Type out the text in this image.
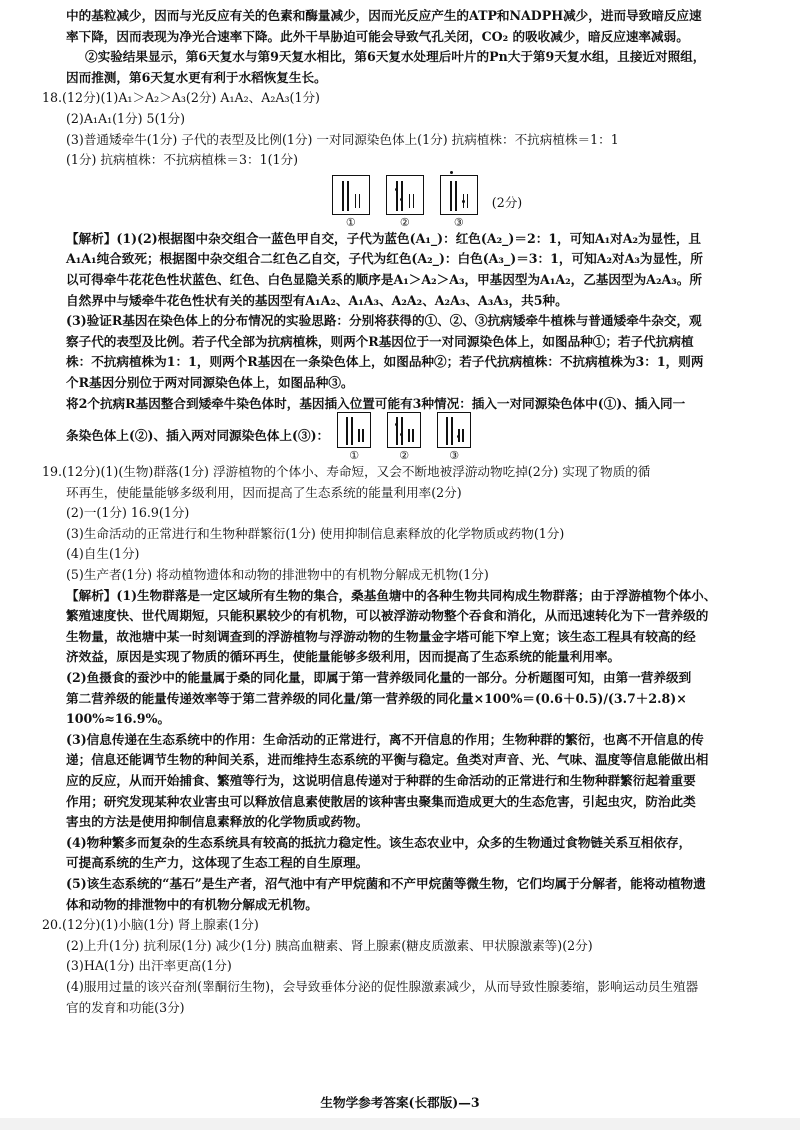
中的基粒减少，因而与光反应有关的色素和酶量减少，因而光反应产生的ATP和NADPH减少，进而导致暗反应速

率下降，因而表现为净光合速率下降。此外干旱胁迫可能会导致气孔关闭，CO₂ 的吸收减少，暗反应速率减弱。

②实验结果显示，第6天复水与第9天复水相比，第6天复水处理后叶片的Pn大于第9天复水组，且接近对照组，

因而推测，第6天复水更有利于水稻恢复生长。

18.(12分)(1)A₁＞A₂＞A₃(2分) A₁A₂、A₂A₃(1分)

(2)A₁A₁(1分) 5(1分)

(3)普通矮牵牛(1分) 子代的表型及比例(1分) 一对同源染色体上(1分) 抗病植株：不抗病植株＝1：1

(1分) 抗病植株：不抗病植株＝3：1(1分)

①	②	③
(2分)

【解析】(1)(2)根据图中杂交组合一蓝色甲自交，子代为蓝色(A₁_)：红色(A₂_)＝2：1，可知A₁对A₂为显性，且

A₁A₁纯合致死；根据图中杂交组合二红色乙自交，子代为红色(A₂_)：白色(A₃_)＝3：1，可知A₂对A₃为显性，所

以可得牵牛花花色性状蓝色、红色、白色显隐关系的顺序是A₁＞A₂＞A₃，甲基因型为A₁A₂，乙基因型为A₂A₃。所

自然界中与矮牵牛花色性状有关的基因型有A₁A₂、A₁A₃、A₂A₂、A₂A₃、A₃A₃，共5种。

(3)验证R基因在染色体上的分布情况的实验思路：分别将获得的①、②、③抗病矮牵牛植株与普通矮牵牛杂交，观

察子代的表型及比例。若子代全部为抗病植株，则两个R基因位于一对同源染色体上，如图品种①；若子代抗病植

株：不抗病植株为1：1，则两个R基因在一条染色体上，如图品种②；若子代抗病植株：不抗病植株为3：1，则两

个R基因分别位于两对同源染色体上，如图品种③。

将2个抗病R基因整合到矮牵牛染色体时，基因插入位置可能有3种情况：插入一对同源染色体中(①)、插入同一

条染色体上(②)、插入两对同源染色体上(③)：

①	②	③

19.(12分)(1)(生物)群落(1分) 浮游植物的个体小、寿命短，又会不断地被浮游动物吃掉(2分) 实现了物质的循

环再生，使能量能够多级利用，因而提高了生态系统的能量利用率(2分)

(2)一(1分) 16.9(1分)

(3)生命活动的正常进行和生物种群繁衍(1分) 使用抑制信息素释放的化学物质或药物(1分)

(4)自生(1分)

(5)生产者(1分) 将动植物遗体和动物的排泄物中的有机物分解成无机物(1分)

【解析】(1)生物群落是一定区域所有生物的集合，桑基鱼塘中的各种生物共同构成生物群落；由于浮游植物个体小、

繁殖速度快、世代周期短，只能积累较少的有机物，可以被浮游动物整个吞食和消化，从而迅速转化为下一营养级的

生物量，故池塘中某一时刻调查到的浮游植物与浮游动物的生物量金字塔可能下窄上宽；该生态工程具有较高的经

济效益，原因是实现了物质的循环再生，使能量能够多级利用，因而提高了生态系统的能量利用率。

(2)鱼摄食的蚕沙中的能量属于桑的同化量，即属于第一营养级同化量的一部分。分析题图可知，由第一营养级到

第二营养级的能量传递效率等于第二营养级的同化量/第一营养级的同化量×100%＝(0.6＋0.5)/(3.7＋2.8)×

100%≈16.9%。

(3)信息传递在生态系统中的作用：生命活动的正常进行，离不开信息的作用；生物种群的繁衍，也离不开信息的传

递；信息还能调节生物的种间关系，进而维持生态系统的平衡与稳定。鱼类对声音、光、气味、温度等信息能做出相

应的反应，从而开始捕食、繁殖等行为，这说明信息传递对于种群的生命活动的正常进行和生物种群繁衍起着重要

作用；研究发现某种农业害虫可以释放信息素使散居的该种害虫聚集而造成更大的生态危害，引起虫灾，防治此类

害虫的方法是使用抑制信息素释放的化学物质或药物。

(4)物种繁多而复杂的生态系统具有较高的抵抗力稳定性。该生态农业中，众多的生物通过食物链关系互相依存，

可提高系统的生产力，这体现了生态工程的自生原理。

(5)该生态系统的“基石”是生产者，沼气池中有产甲烷菌和不产甲烷菌等微生物，它们均属于分解者，能将动植物遗

体和动物的排泄物中的有机物分解成无机物。

20.(12分)(1)小脑(1分) 肾上腺素(1分)

(2)上升(1分) 抗利尿(1分) 减少(1分) 胰高血糖素、肾上腺素(糖皮质激素、甲状腺激素等)(2分)

(3)HA(1分) 出汗率更高(1分)

(4)服用过量的该兴奋剂(睾酮衍生物)，会导致垂体分泌的促性腺激素减少，从而导致性腺萎缩，影响运动员生殖器

官的发育和功能(3分)

生物学参考答案(长郡版)—3
